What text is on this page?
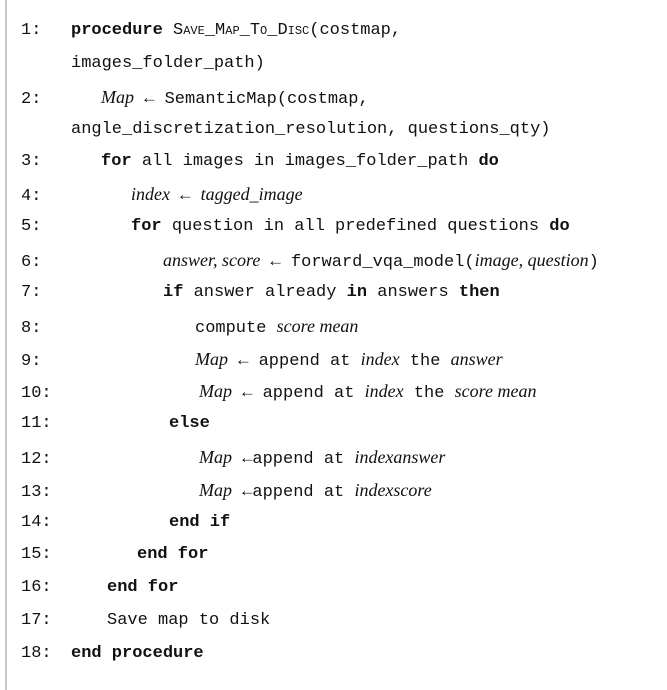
1: procedure Save_Map_To_Disc(costmap,
images_folder_path)
2:	Map ← SemanticMap(costmap,
angle_discretization_resolution, questions_qty)
3:	for all images in images_folder_path do
4:	index ← tagged_image
5:	for question in all predefined questions do
6:	answer, score ← forward_vqa_model(image, question)
7:	if answer already in answers then
8:	compute score mean
9:	Map ← append at index the answer
10:	Map ← append at index the score mean
11:	else
12:	Map ←append at indexanswer
13:	Map ←append at indexscore
14:	end if
15:	end for
16:	end for
17:	Save map to disk
18: end procedure
